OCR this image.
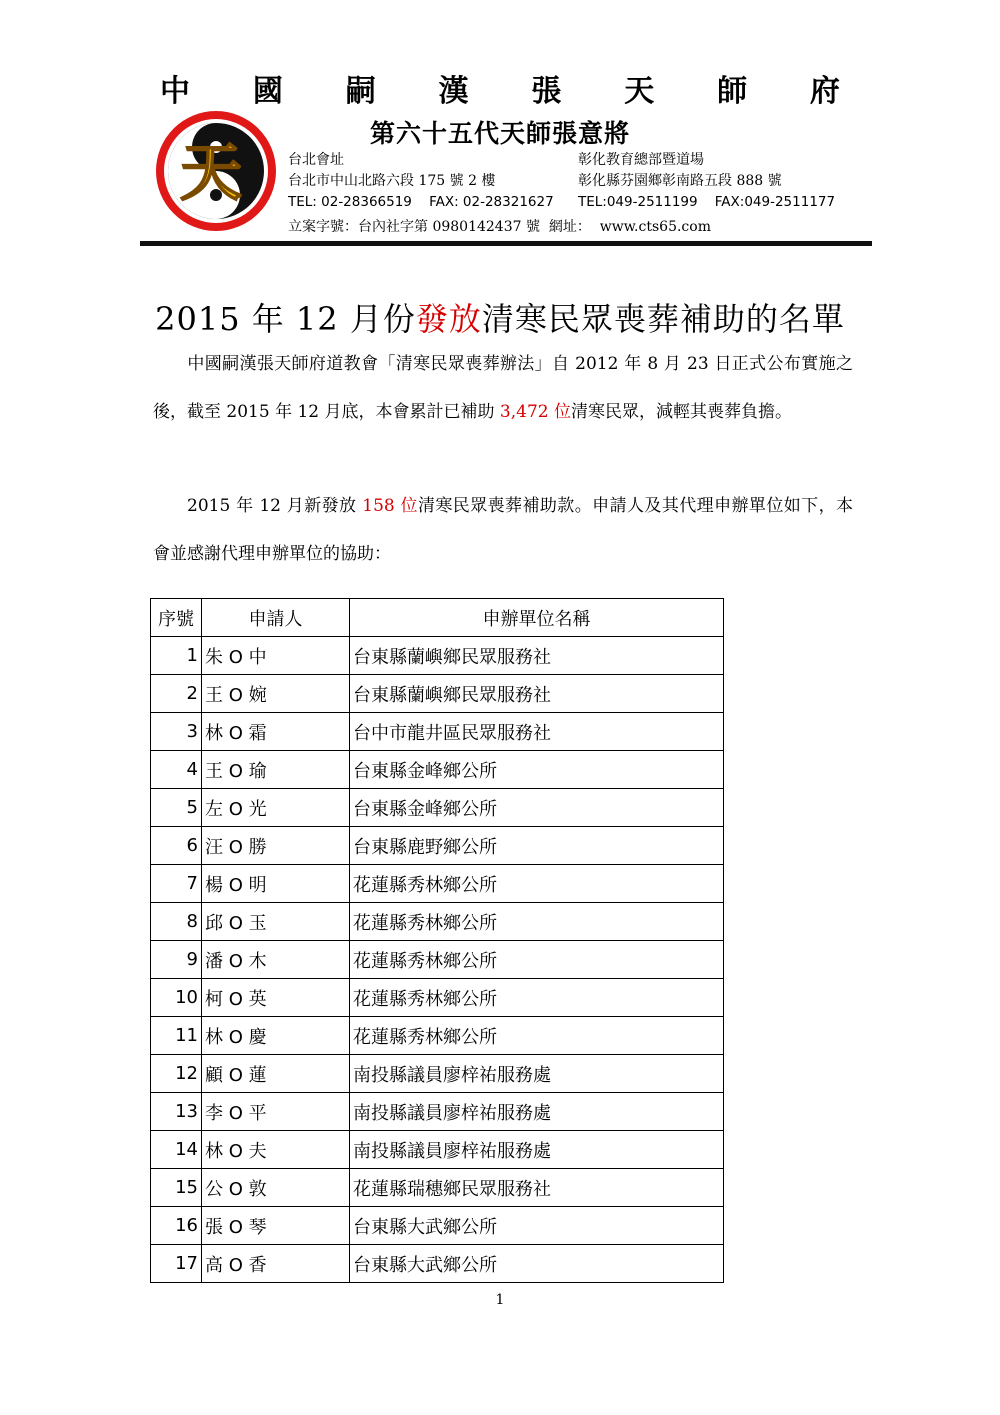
中 國 嗣 漢 張 天 師 府
第六十五代天師張意將
天	台北會址
台北市中山北路六段 175 號 2 樓
TEL: 02-28366519    FAX: 02-28321627
彰化教育總部暨道場
彰化縣芬園鄉彰南路五段 888 號
TEL:049-2511199    FAX:049-2511177
立案字號：台內社字第 0980142437 號  網址：  www.cts65.com
2015 年 12 月份發放清寒民眾喪葬補助的名單
中國嗣漢張天師府道教會「清寒民眾喪葬辦法」自 2012 年 8 月 23 日正式公布實施之後，截至 2015 年 12 月底，本會累計已補助 3,472 位清寒民眾，減輕其喪葬負擔。
2015 年 12 月新發放 158 位清寒民眾喪葬補助款。申請人及其代理申辦單位如下，本會並感謝代理申辦單位的協助：
序號	申請人	申辦單位名稱
1	朱 O 中	台東縣蘭嶼鄉民眾服務社
2	王 O 婉	台東縣蘭嶼鄉民眾服務社
3	林 O 霜	台中市龍井區民眾服務社
4	王 O 瑜	台東縣金峰鄉公所
5	左 O 光	台東縣金峰鄉公所
6	汪 O 勝	台東縣鹿野鄉公所
7	楊 O 明	花蓮縣秀林鄉公所
8	邱 O 玉	花蓮縣秀林鄉公所
9	潘 O 木	花蓮縣秀林鄉公所
10	柯 O 英	花蓮縣秀林鄉公所
11	林 O 慶	花蓮縣秀林鄉公所
12	顧 O 蓮	南投縣議員廖梓祐服務處
13	李 O 平	南投縣議員廖梓祐服務處
14	林 O 夫	南投縣議員廖梓祐服務處
15	公 O 敦	花蓮縣瑞穗鄉民眾服務社
16	張 O 琴	台東縣大武鄉公所
17	高 O 香	台東縣大武鄉公所
1
